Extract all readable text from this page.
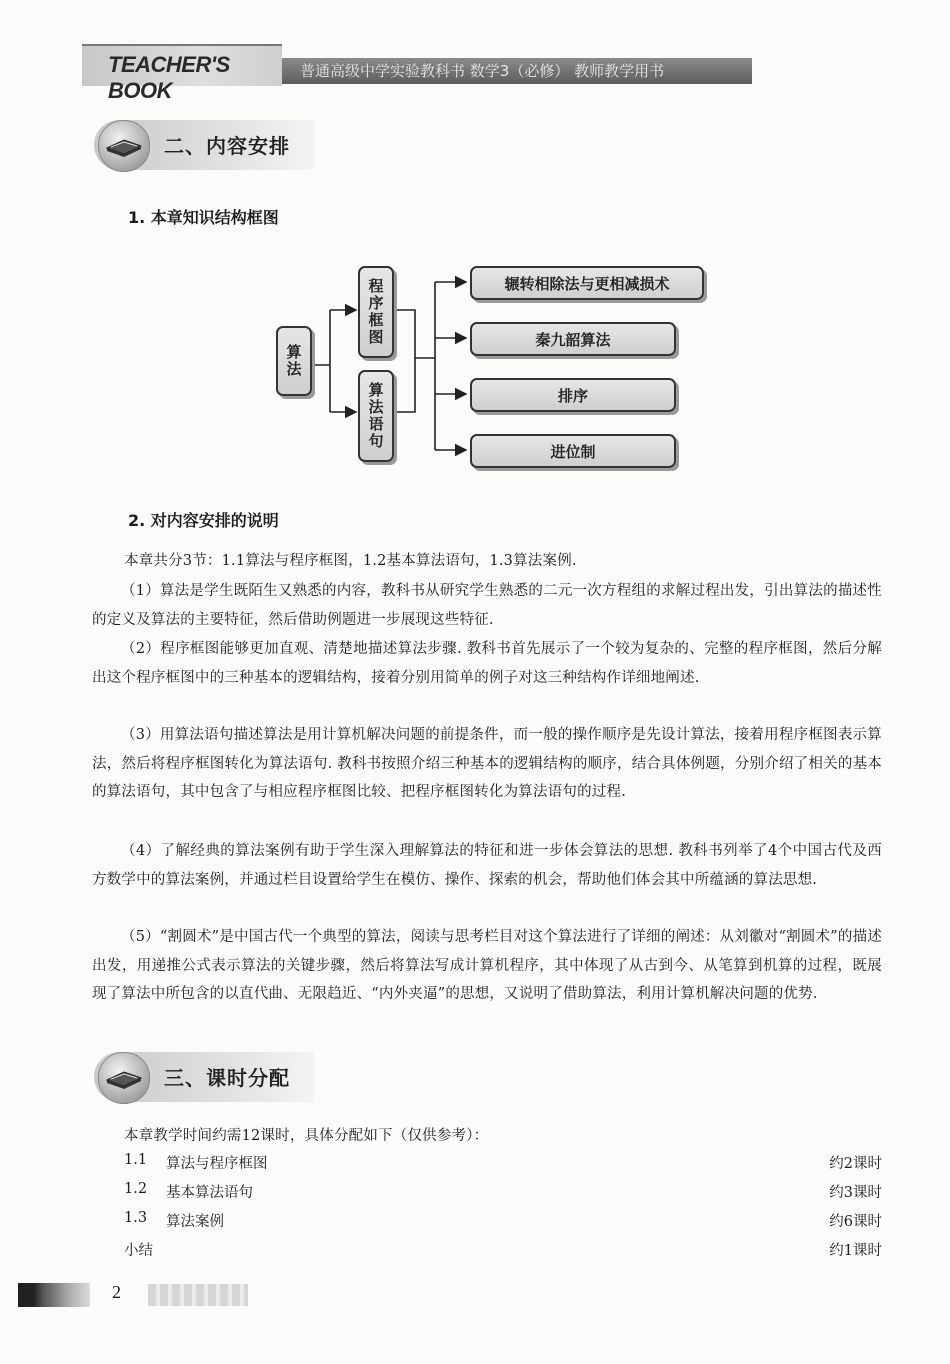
TEACHER'S BOOK
普通高级中学实验教科书 数学3（必修） 教师教学用书
二、内容安排
1. 本章知识结构框图
算法
程序框图
算法语句
辗转相除法与更相减损术
秦九韶算法
排序
进位制
2. 对内容安排的说明
本章共分3节：1.1算法与程序框图，1.2基本算法语句，1.3算法案例.
（1）算法是学生既陌生又熟悉的内容，教科书从研究学生熟悉的二元一次方程组的求解过程出发，引出算法的描述性的定义及算法的主要特征，然后借助例题进一步展现这些特征.
（2）程序框图能够更加直观、清楚地描述算法步骤. 教科书首先展示了一个较为复杂的、完整的程序框图，然后分解出这个程序框图中的三种基本的逻辑结构，接着分别用简单的例子对这三种结构作详细地阐述.
（3）用算法语句描述算法是用计算机解决问题的前提条件，而一般的操作顺序是先设计算法，接着用程序框图表示算法，然后将程序框图转化为算法语句. 教科书按照介绍三种基本的逻辑结构的顺序，结合具体例题，分别介绍了相关的基本的算法语句，其中包含了与相应程序框图比较、把程序框图转化为算法语句的过程.
（4）了解经典的算法案例有助于学生深入理解算法的特征和进一步体会算法的思想. 教科书列举了4个中国古代及西方数学中的算法案例，并通过栏目设置给学生在模仿、操作、探索的机会，帮助他们体会其中所蕴涵的算法思想.
（5）“割圆术”是中国古代一个典型的算法，阅读与思考栏目对这个算法进行了详细的阐述：从刘徽对“割圆术”的描述出发，用递推公式表示算法的关键步骤，然后将算法写成计算机程序，其中体现了从古到今、从笔算到机算的过程，既展现了算法中所包含的以直代曲、无限趋近、“内外夹逼”的思想，又说明了借助算法，利用计算机解决问题的优势.
三、课时分配
本章教学时间约需12课时，具体分配如下（仅供参考）：
1.1 算法与程序框图	约2课时
1.2 基本算法语句	约3课时
1.3 算法案例	约6课时
小结	约1课时
2
